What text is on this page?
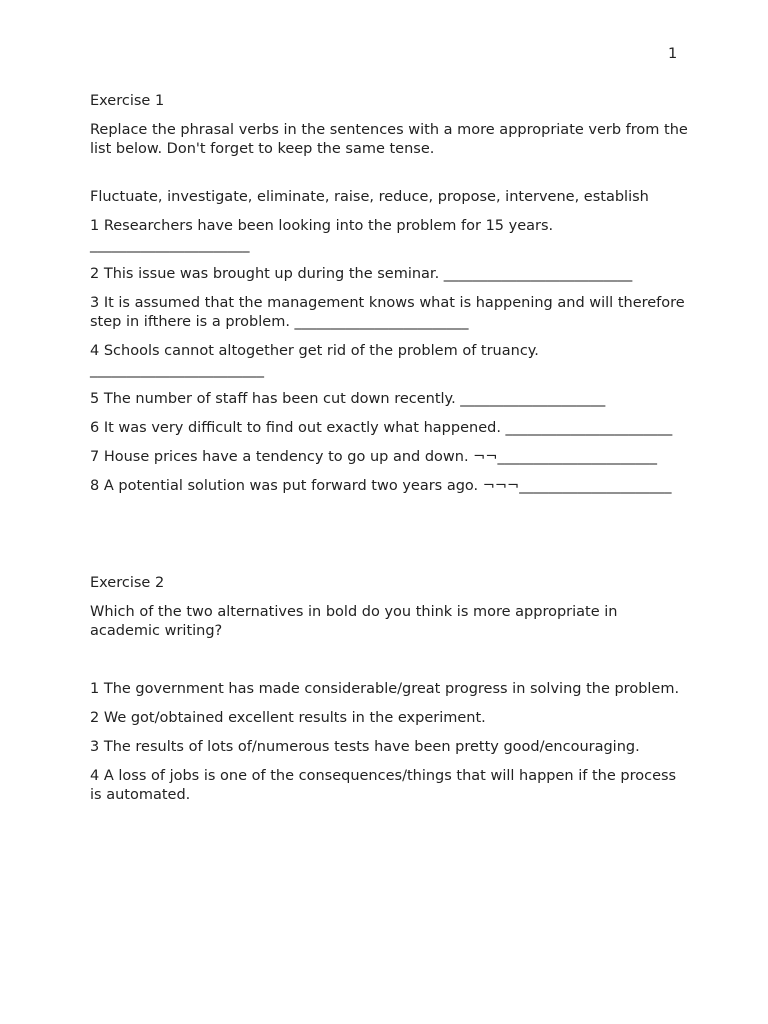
1

Exercise 1

Replace the phrasal verbs in the sentences with a more appropriate verb from the list below. Don't forget to keep the same tense.

Fluctuate, investigate, eliminate, raise, reduce, propose, intervene, establish

1 Researchers have been looking into the problem for 15 years. ______________________

2 This issue was brought up during the seminar. __________________________

3 It is assumed that the management knows what is happening and will therefore step in ifthere is a problem. ________________________

4 Schools cannot altogether get rid of the problem of truancy. ________________________

5 The number of staff has been cut down recently. ____________________

6 It was very difficult to find out exactly what happened. _______________________

7 House prices have a tendency to go up and down. ¬¬______________________

8 A potential solution was put forward two years ago. ¬¬¬_____________________

Exercise 2

Which of the two alternatives in bold do you think is more appropriate in academic writing?

1 The government has made considerable/great progress in solving the problem.

2 We got/obtained excellent results in the experiment.

3 The results of lots of/numerous tests have been pretty good/encouraging.

4 A loss of jobs is one of the consequences/things that will happen if the process is automated.
